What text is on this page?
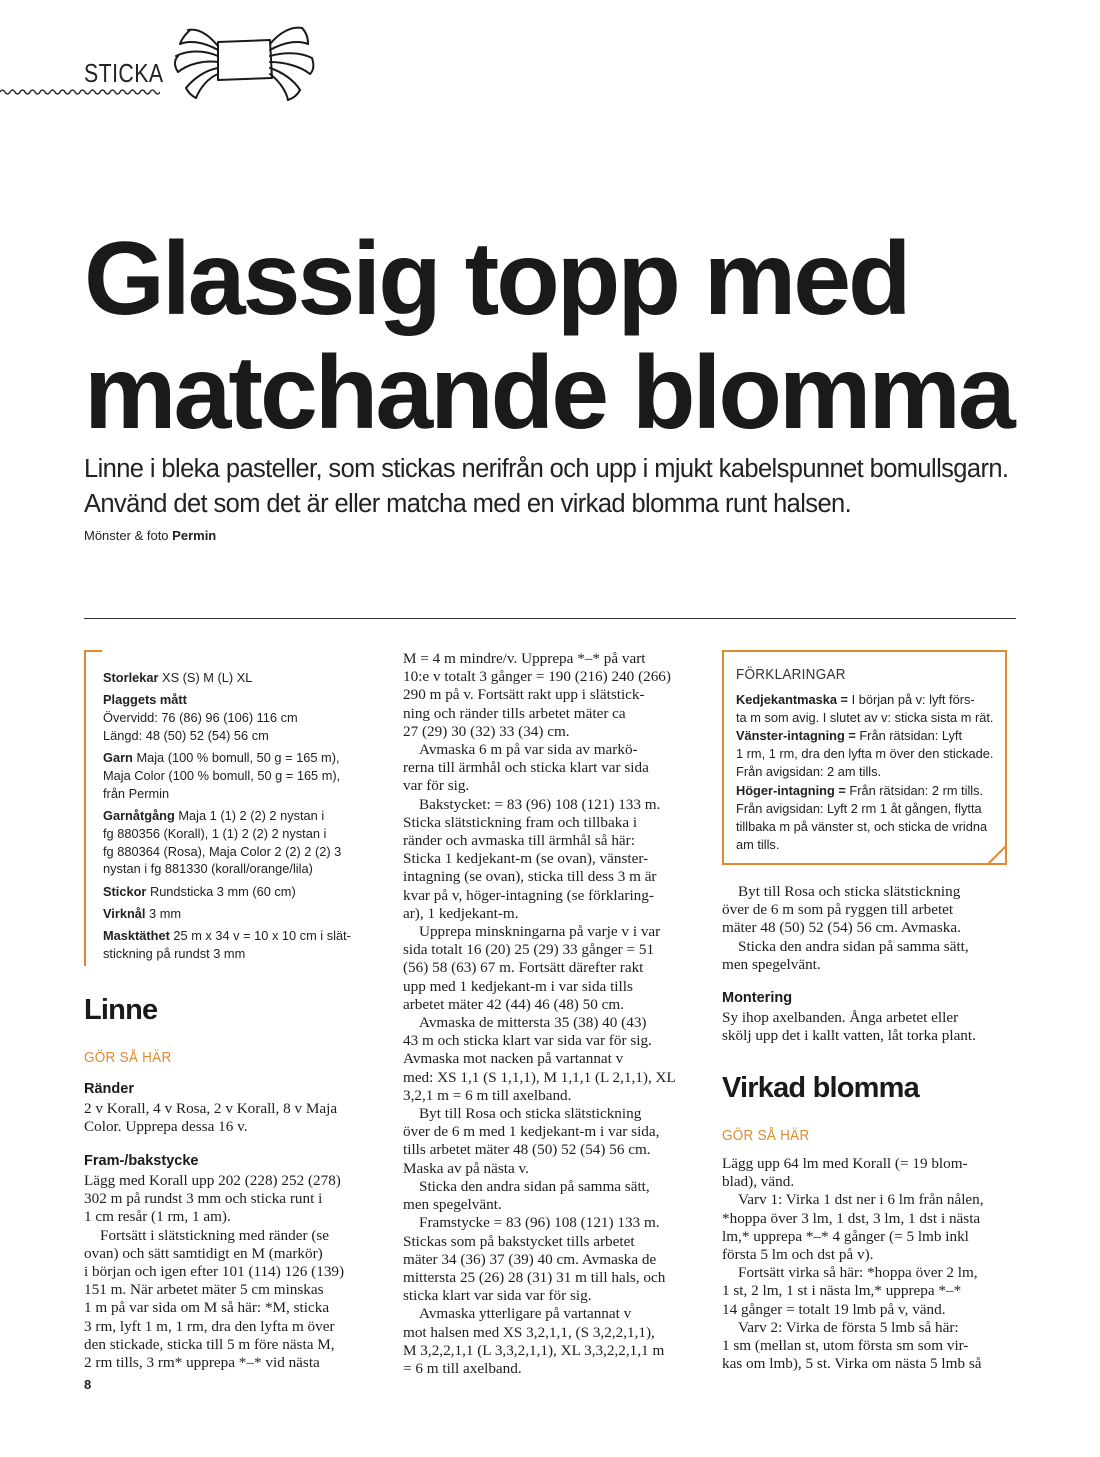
STICKA
Glassig topp med
matchande blomma

Linne i bleka pasteller, som stickas nerifrån och upp i mjukt kabelspunnet bomullsgarn.
Använd det som det är eller matcha med en virkad blomma runt halsen.

Mönster & foto Permin
Storlekar XS (S) M (L) XL
Plaggets mått
Övervidd: 76 (86) 96 (106) 116 cm
Längd: 48 (50) 52 (54) 56 cm
Garn Maja (100 % bomull, 50 g = 165 m),
Maja Color (100 % bomull, 50 g = 165 m),
från Permin
Garnåtgång Maja 1 (1) 2 (2) 2 nystan i
fg 880356 (Korall), 1 (1) 2 (2) 2 nystan i
fg 880364 (Rosa), Maja Color 2 (2) 2 (2) 3
nystan i fg 881330 (korall/orange/lila)
Stickor Rundsticka 3 mm (60 cm)
Virknål 3 mm
Masktäthet 25 m x 34 v = 10 x 10 cm i slät-
stickning på rundst 3 mm
Linne
GÖR SÅ HÄR
Ränder

2 v Korall, 4 v Rosa, 2 v Korall, 8 v Maja
Color. Upprepa dessa 16 v.

Fram-/bakstycke

Lägg med Korall upp 202 (228) 252 (278)
302 m på rundst 3 mm och sticka runt i
1 cm resår (1 rm, 1 am).

Fortsätt i slätstickning med ränder (se
ovan) och sätt samtidigt en M (markör)
i början och igen efter 101 (114) 126 (139)
151 m. När arbetet mäter 5 cm minskas
1 m på var sida om M så här: *M, sticka
3 rm, lyft 1 m, 1 rm, dra den lyfta m över
den stickade, sticka till 5 m före nästa M,
2 rm tills, 3 rm* upprepa *–* vid nästa

M = 4 m mindre/v. Upprepa *–* på vart
10:e v totalt 3 gånger = 190 (216) 240 (266)
290 m på v. Fortsätt rakt upp i slätstick-
ning och ränder tills arbetet mäter ca
27 (29) 30 (32) 33 (34) cm.

Avmaska 6 m på var sida av markö-
rerna till ärmhål och sticka klart var sida
var för sig.

Bakstycket: = 83 (96) 108 (121) 133 m.
Sticka slätstickning fram och tillbaka i
ränder och avmaska till ärmhål så här:
Sticka 1 kedjekant-m (se ovan), vänster-
intagning (se ovan), sticka till dess 3 m är
kvar på v, höger-intagning (se förklaring-
ar), 1 kedjekant-m.

Upprepa minskningarna på varje v i var
sida totalt 16 (20) 25 (29) 33 gånger = 51
(56) 58 (63) 67 m. Fortsätt därefter rakt
upp med 1 kedjekant-m i var sida tills
arbetet mäter 42 (44) 46 (48) 50 cm.

Avmaska de mittersta 35 (38) 40 (43)
43 m och sticka klart var sida var för sig.
Avmaska mot nacken på vartannat v
med: XS 1,1 (S 1,1,1), M 1,1,1 (L 2,1,1), XL
3,2,1 m = 6 m till axelband.

Byt till Rosa och sticka slätstickning
över de 6 m med 1 kedjekant-m i var sida,
tills arbetet mäter 48 (50) 52 (54) 56 cm.
Maska av på nästa v.

Sticka den andra sidan på samma sätt,
men spegelvänt.

Framstycke = 83 (96) 108 (121) 133 m.
Stickas som på bakstycket tills arbetet
mäter 34 (36) 37 (39) 40 cm. Avmaska de
mittersta 25 (26) 28 (31) 31 m till hals, och
sticka klart var sida var för sig.

Avmaska ytterligare på vartannat v
mot halsen med XS 3,2,1,1, (S 3,2,2,1,1),
M 3,2,2,1,1 (L 3,3,2,1,1), XL 3,3,2,2,1,1 m
= 6 m till axelband.

FÖRKLARINGAR
Kedjekantmaska = I början på v: lyft förs-
ta m som avig. I slutet av v: sticka sista m rät.
Vänster-intagning = Från rätsidan: Lyft
1 rm, 1 rm, dra den lyfta m över den stickade.
Från avigsidan: 2 am tills.
Höger-intagning = Från rätsidan: 2 rm tills.
Från avigsidan: Lyft 2 rm 1 åt gången, flytta
tillbaka m på vänster st, och sticka de vridna
am tills.

Byt till Rosa och sticka slätstickning
över de 6 m som på ryggen till arbetet
mäter 48 (50) 52 (54) 56 cm. Avmaska.

Sticka den andra sidan på samma sätt,
men spegelvänt.

Montering

Sy ihop axelbanden. Ånga arbetet eller
skölj upp det i kallt vatten, låt torka plant.

Virkad blomma
GÖR SÅ HÄR

Lägg upp 64 lm med Korall (= 19 blom-
blad), vänd.

Varv 1: Virka 1 dst ner i 6 lm från nålen,
*hoppa över 3 lm, 1 dst, 3 lm, 1 dst i nästa
lm,* upprepa *–* 4 gånger (= 5 lmb inkl
första 5 lm och dst på v).

Fortsätt virka så här: *hoppa över 2 lm,
1 st, 2 lm, 1 st i nästa lm,* upprepa *–*
14 gånger = totalt 19 lmb på v, vänd.

Varv 2: Virka de första 5 lmb så här:
1 sm (mellan st, utom första sm som vir-
kas om lmb), 5 st. Virka om nästa 5 lmb så

8
